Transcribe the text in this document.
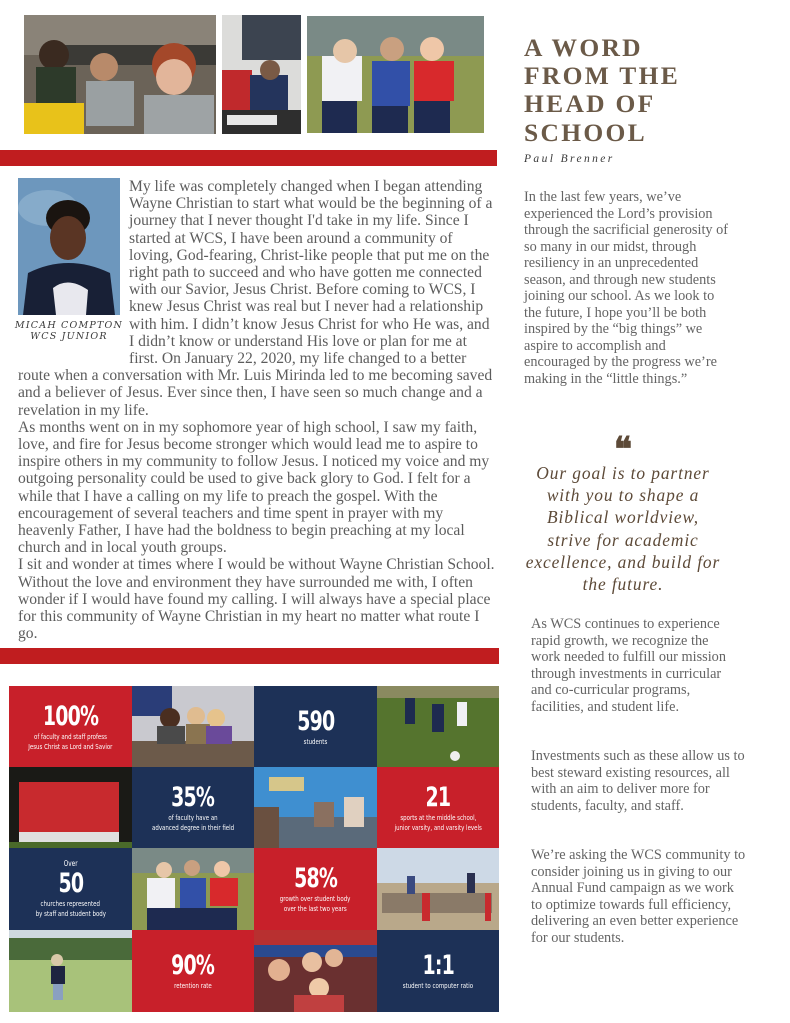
MICAH COMPTON
WCS JUNIOR

My life was completely changed when I began attending Wayne Christian to start what would be the beginning of a journey that I never thought I'd take in my life. Since I started at WCS, I have been around a community of loving, God-fearing, Christ-like people that put me on the right path to succeed and who have gotten me connected with our Savior, Jesus Christ. Before coming to WCS, I knew Jesus Christ was real but I never had a relationship with him. I didn’t know Jesus Christ for who He was, and I didn’t know or understand His love or plan for me at first. On January 22, 2020, my life changed to a better route when a conversation with Mr. Luis Mirinda led to me becoming saved and a believer of Jesus. Ever since then, I have seen so much change and a revelation in my life.

As months went on in my sophomore year of high school, I saw my faith, love, and fire for Jesus become stronger which would lead me to aspire to inspire others in my community to follow Jesus. I noticed my voice and my outgoing personality could be used to give back glory to God. I felt for a while that I have a calling on my life to preach the gospel. With the encouragement of several teachers and time spent in prayer with my heavenly Father, I have had the boldness to begin preaching at my local church and in local youth groups.

I sit and wonder at times where I would be without Wayne Christian School. Without the love and environment they have surrounded me with, I often wonder if I would have found my calling. I will always have a special place for this community of Wayne Christian in my heart no matter what route I go.

100%
of faculty and staff profess
Jesus Christ as Lord and Savior
590
students
35%
of faculty have an
advanced degree in their field
21
sports at the middle school,
junior varsity, and varsity levels
Over
50
churches represented
by staff and student body
58%
growth over student body
over the last two years
90%
retention rate
1:1
student to computer ratio
A WORD
FROM THE
HEAD OF
SCHOOL
Paul Brenner
In the last few years, we’ve experienced the Lord’s provision through the sacrificial generosity of so many in our midst, through resiliency in an unprecedented season, and through new students joining our school. As we look to the future, I hope you’ll be both inspired by the “big things” we aspire to accomplish and encouraged by the progress we’re making in the “little things.”
❝
Our goal is to partner with you to shape a Biblical worldview, strive for academic excellence, and build for the future.
As WCS continues to experience rapid growth, we recognize the work needed to fulfill our mission through investments in curricular and co-curricular programs, facilities, and student life.
Investments such as these allow us to best steward existing resources, all with an aim to deliver more for students, faculty, and staff.
We’re asking the WCS community to consider joining us in giving to our Annual Fund campaign as we work to optimize towards full efficiency, delivering an even better experience for our students.
